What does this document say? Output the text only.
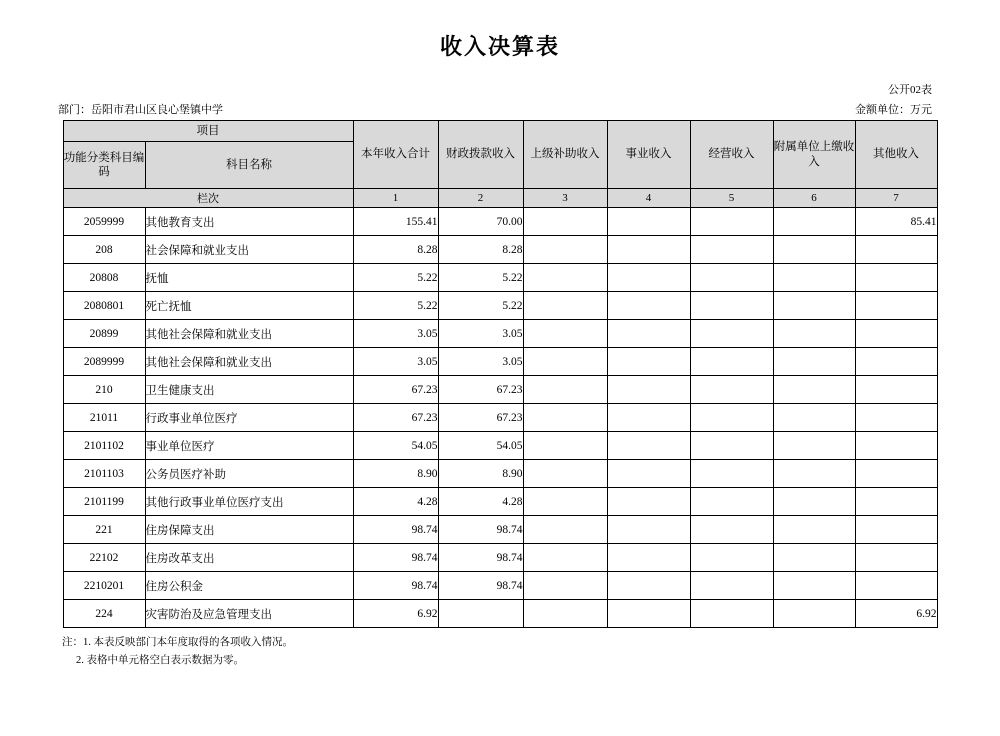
收入决算表
公开02表
部门：岳阳市君山区良心堡镇中学	金额单位：万元
项目		本年收入合计	财政拨款收入	上级补助收入	事业收入	经营收入	附属单位上缴收入	其他收入
功能分类科目编码	科目名称							
栏次		1	2	3	4	5	6	7
2059999	其他教育支出	155.41	70.00					85.41
208	社会保障和就业支出	8.28	8.28					
20808	抚恤	5.22	5.22					
2080801	死亡抚恤	5.22	5.22					
20899	其他社会保障和就业支出	3.05	3.05					
2089999	其他社会保障和就业支出	3.05	3.05					
210	卫生健康支出	67.23	67.23					
21011	行政事业单位医疗	67.23	67.23					
2101102	事业单位医疗	54.05	54.05					
2101103	公务员医疗补助	8.90	8.90					
2101199	其他行政事业单位医疗支出	4.28	4.28					
221	住房保障支出	98.74	98.74					
22102	住房改革支出	98.74	98.74					
2210201	住房公积金	98.74	98.74					
224	灾害防治及应急管理支出	6.92						6.92
注：1. 本表反映部门本年度取得的各项收入情况。
2. 表格中单元格空白表示数据为零。
